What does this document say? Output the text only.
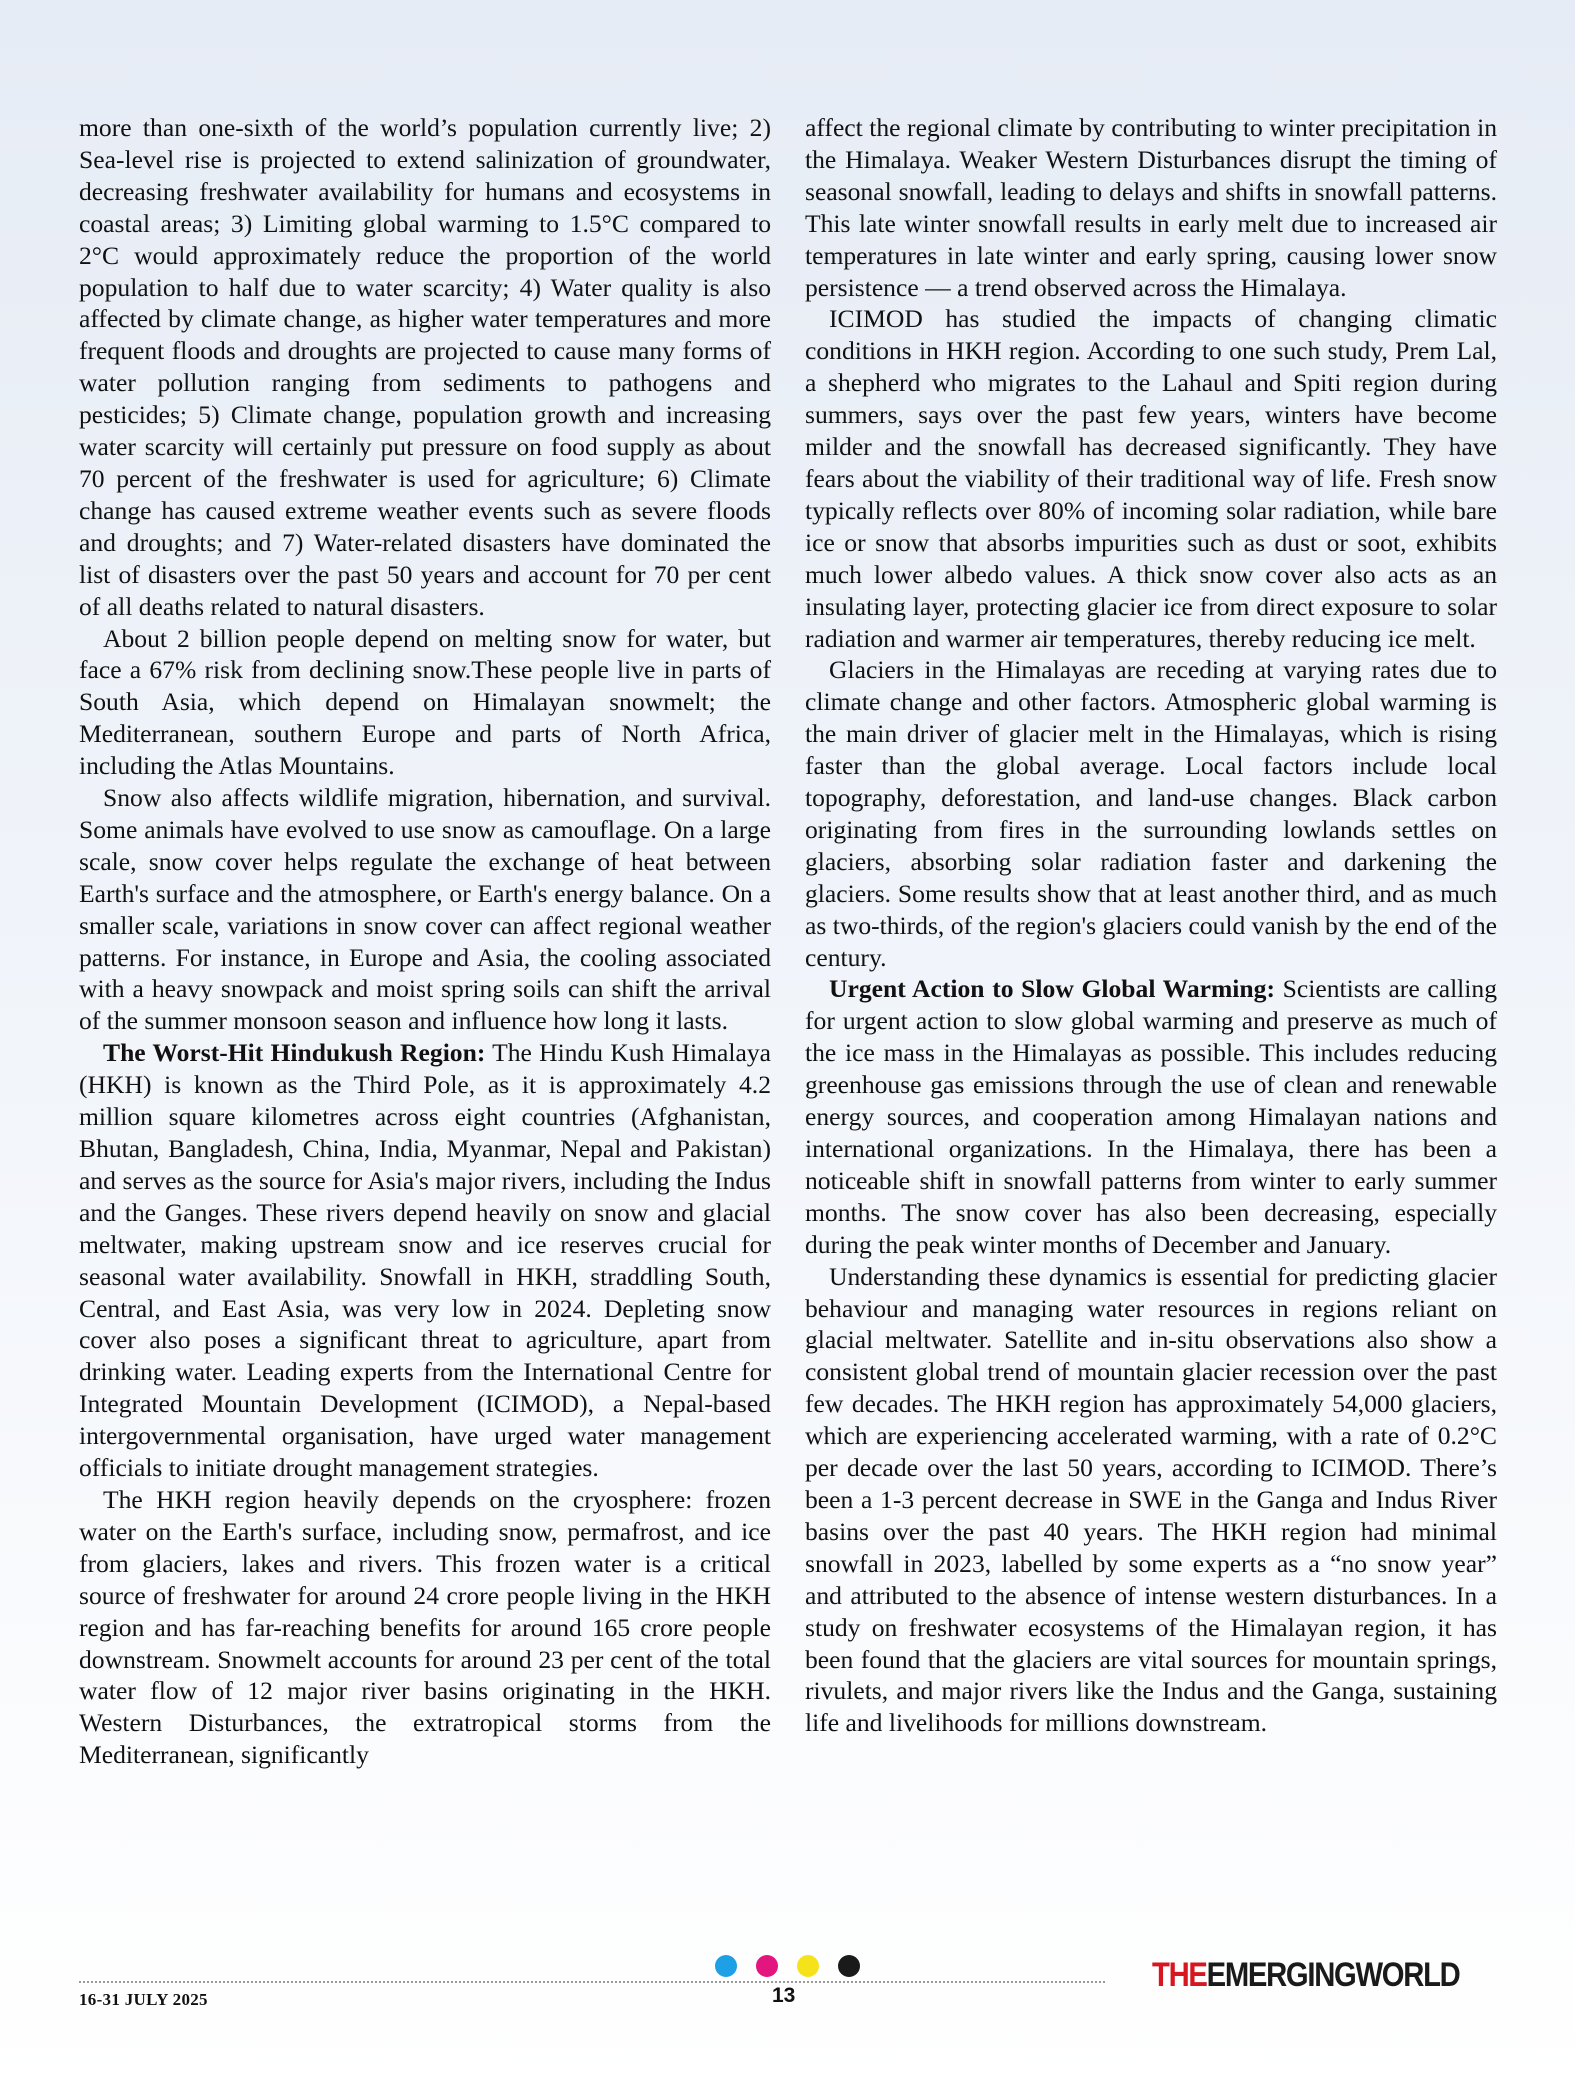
more than one-sixth of the world’s population currently live; 2) Sea-level rise is projected to extend salinization of groundwater, decreasing freshwater availability for humans and ecosystems in coastal areas; 3) Limiting global warming to 1.5°C compared to 2°C would approximately reduce the proportion of the world population to half due to water scarcity; 4) Water quality is also affected by climate change, as higher water temperatures and more frequent floods and droughts are projected to cause many forms of water pollution ranging from sediments to pathogens and pesticides; 5) Climate change, population growth and increasing water scarcity will certainly put pressure on food supply as about 70 percent of the freshwater is used for agriculture; 6) Climate change has caused extreme weather events such as severe floods and droughts; and 7) Water-related disasters have dominated the list of disasters over the past 50 years and account for 70 per cent of all deaths related to natural disasters.

About 2 billion people depend on melting snow for water, but face a 67% risk from declining snow.These people live in parts of South Asia, which depend on Himalayan snowmelt; the Mediterranean, southern Europe and parts of North Africa, including the Atlas Mountains.

Snow also affects wildlife migration, hibernation, and survival. Some animals have evolved to use snow as camouflage. On a large scale, snow cover helps regulate the exchange of heat between Earth's surface and the atmosphere, or Earth's energy balance. On a smaller scale, variations in snow cover can affect regional weather patterns. For instance, in Europe and Asia, the cooling associated with a heavy snowpack and moist spring soils can shift the arrival of the summer monsoon season and influence how long it lasts.

The Worst-Hit Hindukush Region: The Hindu Kush Himalaya (HKH) is known as the Third Pole, as it is approximately 4.2 million square kilometres across eight countries (Afghanistan, Bhutan, Bangladesh, China, India, Myanmar, Nepal and Pakistan) and serves as the source for Asia's major rivers, including the Indus and the Ganges. These rivers depend heavily on snow and glacial meltwater, making upstream snow and ice reserves crucial for seasonal water availability. Snowfall in HKH, straddling South, Central, and East Asia, was very low in 2024. Depleting snow cover also poses a significant threat to agriculture, apart from drinking water. Leading experts from the International Centre for Integrated Mountain Development (ICIMOD), a Nepal-based intergovernmental organisation, have urged water management officials to initiate drought management strategies.

The HKH region heavily depends on the cryosphere: frozen water on the Earth's surface, including snow, permafrost, and ice from glaciers, lakes and rivers. This frozen water is a critical source of freshwater for around 24 crore people living in the HKH region and has far-reaching benefits for around 165 crore people downstream. Snowmelt accounts for around 23 per cent of the total water flow of 12 major river basins originating in the HKH. Western Disturbances, the extratropical storms from the Mediterranean, significantly

affect the regional climate by contributing to winter precipitation in the Himalaya. Weaker Western Disturbances disrupt the timing of seasonal snowfall, leading to delays and shifts in snowfall patterns. This late winter snowfall results in early melt due to increased air temperatures in late winter and early spring, causing lower snow persistence — a trend observed across the Himalaya.

ICIMOD has studied the impacts of changing climatic conditions in HKH region. According to one such study, Prem Lal, a shepherd who migrates to the Lahaul and Spiti region during summers, says over the past few years, winters have become milder and the snowfall has decreased significantly. They have fears about the viability of their traditional way of life. Fresh snow typically reflects over 80% of incoming solar radiation, while bare ice or snow that absorbs impurities such as dust or soot, exhibits much lower albedo values. A thick snow cover also acts as an insulating layer, protecting glacier ice from direct exposure to solar radiation and warmer air temperatures, thereby reducing ice melt.

Glaciers in the Himalayas are receding at varying rates due to climate change and other factors. Atmospheric global warming is the main driver of glacier melt in the Himalayas, which is rising faster than the global average. Local factors include local topography, deforestation, and land-use changes. Black carbon originating from fires in the surrounding lowlands settles on glaciers, absorbing solar radiation faster and darkening the glaciers. Some results show that at least another third, and as much as two-thirds, of the region's glaciers could vanish by the end of the century.

Urgent Action to Slow Global Warming: Scientists are calling for urgent action to slow global warming and preserve as much of the ice mass in the Himalayas as possible. This includes reducing greenhouse gas emissions through the use of clean and renewable energy sources, and cooperation among Himalayan nations and international organizations. In the Himalaya, there has been a noticeable shift in snowfall patterns from winter to early summer months. The snow cover has also been decreasing, especially during the peak winter months of December and January.

Understanding these dynamics is essential for predicting glacier behaviour and managing water resources in regions reliant on glacial meltwater. Satellite and in-situ observations also show a consistent global trend of mountain glacier recession over the past few decades. The HKH region has approximately 54,000 glaciers, which are experiencing accelerated warming, with a rate of 0.2°C per decade over the last 50 years, according to ICIMOD. There’s been a 1-3 percent decrease in SWE in the Ganga and Indus River basins over the past 40 years. The HKH region had minimal snowfall in 2023, labelled by some experts as a “no snow year” and attributed to the absence of intense western disturbances. In a study on freshwater ecosystems of the Himalayan region, it has been found that the glaciers are vital sources for mountain springs, rivulets, and major rivers like the Indus and the Ganga, sustaining life and livelihoods for millions downstream.

16-31 JULY 2025	13
THEEMERGINGWORLD
